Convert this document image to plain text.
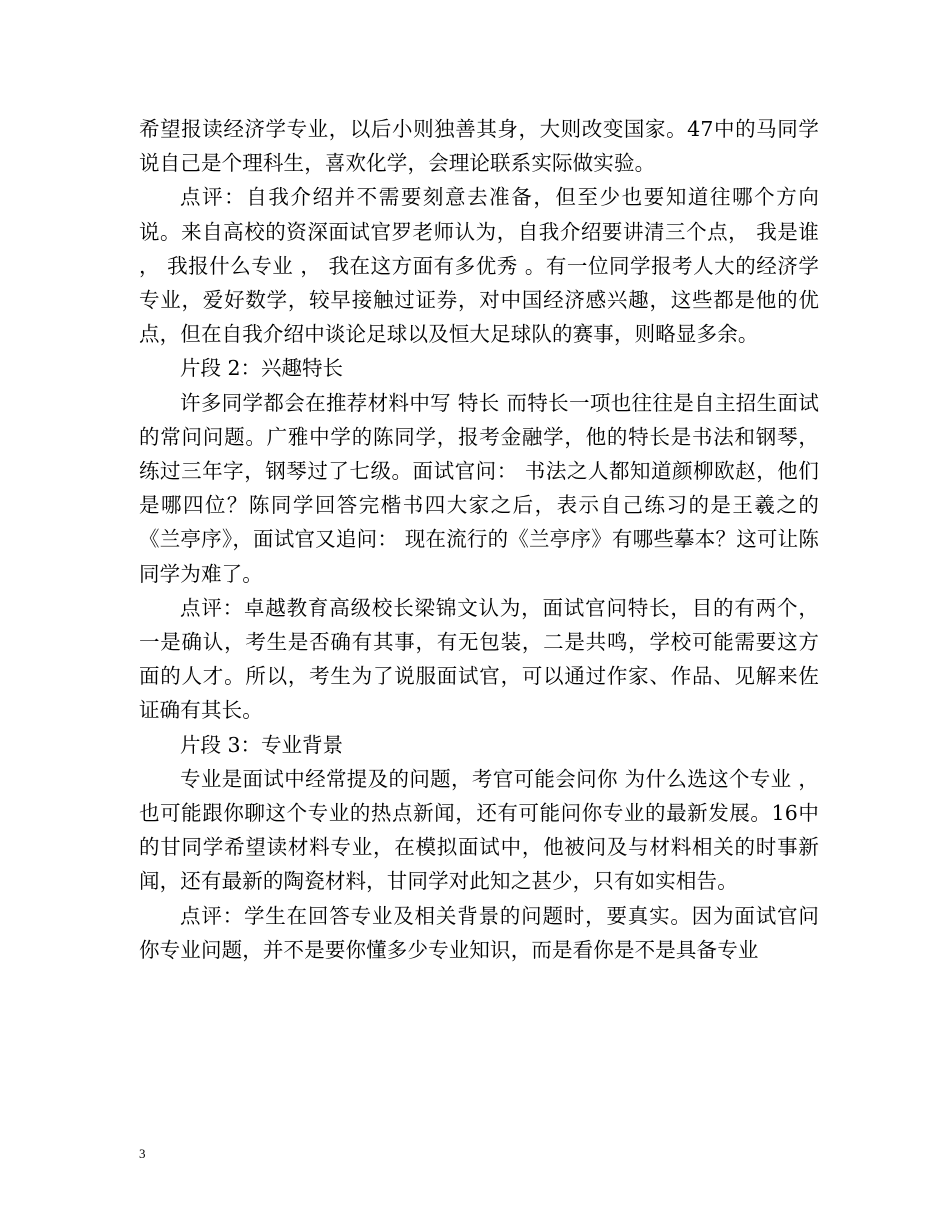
希望报读经济学专业，以后小则独善其身，大则改变国家。47中的马同学说自己是个理科生，喜欢化学，会理论联系实际做实验。

点评：自我介绍并不需要刻意去准备，但至少也要知道往哪个方向说。来自高校的资深面试官罗老师认为，自我介绍要讲清三个点， 我是谁 ， 我报什么专业 ， 我在这方面有多优秀 。有一位同学报考人大的经济学专业，爱好数学，较早接触过证券，对中国经济感兴趣，这些都是他的优点，但在自我介绍中谈论足球以及恒大足球队的赛事，则略显多余。

片段 2：兴趣特长

许多同学都会在推荐材料中写 特长 而特长一项也往往是自主招生面试的常问问题。广雅中学的陈同学，报考金融学，他的特长是书法和钢琴，练过三年字，钢琴过了七级。面试官问： 书法之人都知道颜柳欧赵，他们是哪四位？陈同学回答完楷书四大家之后，表示自己练习的是王羲之的《兰亭序》，面试官又追问： 现在流行的《兰亭序》有哪些摹本？这可让陈同学为难了。

点评：卓越教育高级校长梁锦文认为，面试官问特长，目的有两个，一是确认，考生是否确有其事，有无包装，二是共鸣，学校可能需要这方面的人才。所以，考生为了说服面试官，可以通过作家、作品、见解来佐证确有其长。

片段 3：专业背景

专业是面试中经常提及的问题，考官可能会问你 为什么选这个专业 ，也可能跟你聊这个专业的热点新闻，还有可能问你专业的最新发展。16中的甘同学希望读材料专业，在模拟面试中，他被问及与材料相关的时事新闻，还有最新的陶瓷材料，甘同学对此知之甚少，只有如实相告。

点评：学生在回答专业及相关背景的问题时，要真实。因为面试官问你专业问题，并不是要你懂多少专业知识，而是看你是不是具备专业

3
